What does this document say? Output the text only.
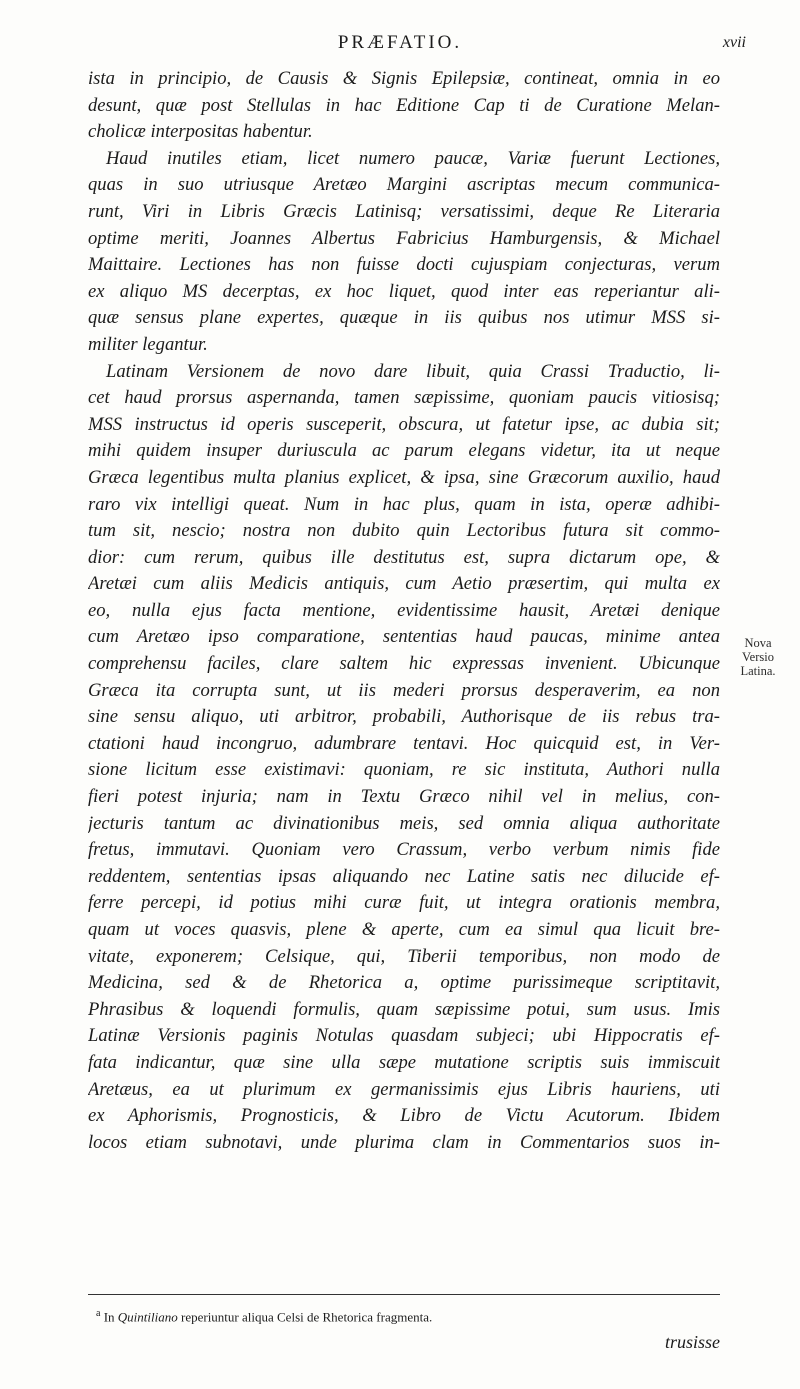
PRÆFATIO.	xvii
ista in principio, de Causis & Signis Epilepsiæ, contineat, omnia in eo
desunt, quæ post Stellulas in hac Editione Cap ti de Curatione Melan-
cholicæ interpositas habentur.
Haud inutiles etiam, licet numero paucæ, Variæ fuerunt Lectiones,
quas in suo utriusque Aretæo Margini ascriptas mecum communica-
runt, Viri in Libris Græcis Latinisq; versatissimi, deque Re Literaria
optime meriti, Joannes Albertus Fabricius Hamburgensis, & Michael
Maittaire. Lectiones has non fuisse docti cujuspiam conjecturas, verum
ex aliquo MS decerptas, ex hoc liquet, quod inter eas reperiantur ali-
quæ sensus plane expertes, quæque in iis quibus nos utimur MSS si-
militer legantur.
Latinam Versionem de novo dare libuit, quia Crassi Traductio, li-
cet haud prorsus aspernanda, tamen sæpissime, quoniam paucis vitiosisq;
MSS instructus id operis susceperit, obscura, ut fatetur ipse, ac dubia sit;
mihi quidem insuper duriuscula ac parum elegans videtur, ita ut neque
Græca legentibus multa planius explicet, & ipsa, sine Græcorum auxilio, haud
raro vix intelligi queat. Num in hac plus, quam in ista, operæ adhibi-
tum sit, nescio; nostra non dubito quin Lectoribus futura sit commo-
dior: cum rerum, quibus ille destitutus est, supra dictarum ope, &
Aretæi cum aliis Medicis antiquis, cum Aetio præsertim, qui multa ex
eo, nulla ejus facta mentione, evidentissime hausit, Aretæi denique
cum Aretæo ipso comparatione, sententias haud paucas, minime antea
comprehensu faciles, clare saltem hic expressas invenient. Ubicunque
Græca ita corrupta sunt, ut iis mederi prorsus desperaverim, ea non
sine sensu aliquo, uti arbitror, probabili, Authorisque de iis rebus tra-
ctationi haud incongruo, adumbrare tentavi. Hoc quicquid est, in Ver-
sione licitum esse existimavi: quoniam, re sic instituta, Authori nulla
fieri potest injuria; nam in Textu Græco nihil vel in melius, con-
jecturis tantum ac divinationibus meis, sed omnia aliqua authoritate
fretus, immutavi. Quoniam vero Crassum, verbo verbum nimis fide
reddentem, sententias ipsas aliquando nec Latine satis nec dilucide ef-
ferre percepi, id potius mihi curæ fuit, ut integra orationis membra,
quam ut voces quasvis, plene & aperte, cum ea simul qua licuit bre-
vitate, exponerem; Celsique, qui, Tiberii temporibus, non modo de
Medicina, sed & de Rhetorica a, optime purissimeque scriptitavit,
Phrasibus & loquendi formulis, quam sæpissime potui, sum usus. Imis
Latinæ Versionis paginis Notulas quasdam subjeci; ubi Hippocratis ef-
fata indicantur, quæ sine ulla sæpe mutatione scriptis suis immiscuit
Aretæus, ea ut plurimum ex germanissimis ejus Libris hauriens, uti
ex Aphorismis, Prognosticis, & Libro de Victu Acutorum. Ibidem
locos etiam subnotavi, unde plurima clam in Commentarios suos in-
Nova
Versio
Latina.
$^a$ In Quintiliano reperiuntur aliqua Celsi de Rhetorica fragmenta.
trusisse
